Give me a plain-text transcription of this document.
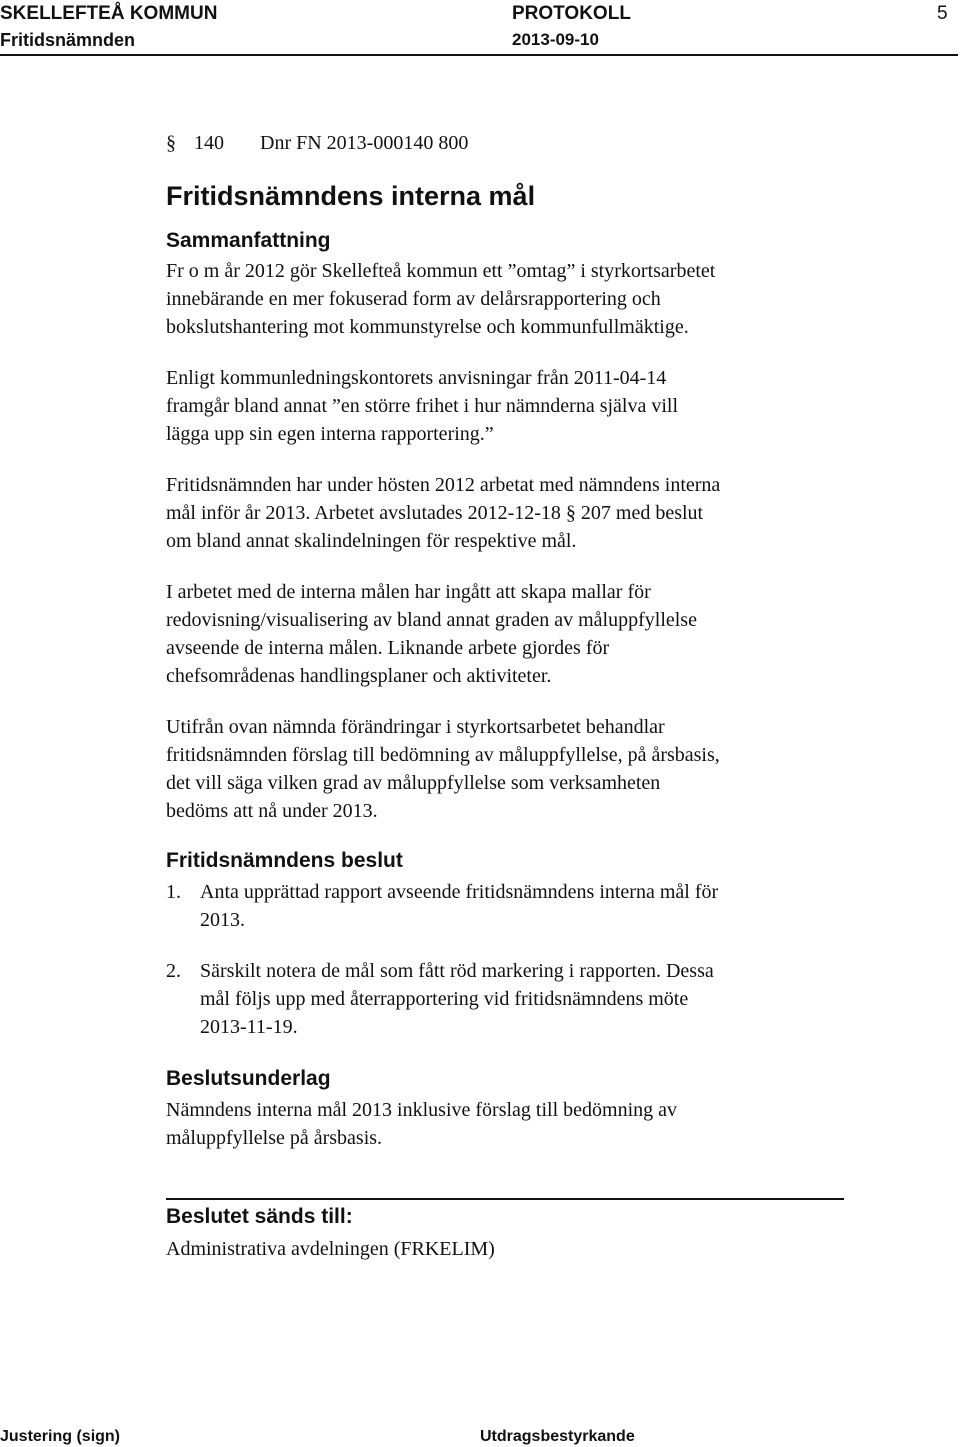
SKELLEFTEÅ KOMMUN	PROTOKOLL	5
Fritidsnämnden	2013-09-10
§ 140 Dnr FN 2013-000140 800
Fritidsnämndens interna mål
Sammanfattning

Fr o m år 2012 gör Skellefteå kommun ett ”omtag” i styrkortsarbetet

innebärande en mer fokuserad form av delårsrapportering och

bokslutshantering mot kommunstyrelse och kommunfullmäktige.

Enligt kommunledningskontorets anvisningar från 2011-04-14

framgår bland annat ”en större frihet i hur nämnderna själva vill

lägga upp sin egen interna rapportering.”

Fritidsnämnden har under hösten 2012 arbetat med nämndens interna

mål inför år 2013. Arbetet avslutades 2012-12-18 § 207 med beslut

om bland annat skalindelningen för respektive mål.

I arbetet med de interna målen har ingått att skapa mallar för

redovisning/visualisering av bland annat graden av måluppfyllelse

avseende de interna målen. Liknande arbete gjordes för

chefsområdenas handlingsplaner och aktiviteter.

Utifrån ovan nämnda förändringar i styrkortsarbetet behandlar

fritidsnämnden förslag till bedömning av måluppfyllelse, på årsbasis,

det vill säga vilken grad av måluppfyllelse som verksamheten

bedöms att nå under 2013.

Fritidsnämndens beslut
1. Anta upprättad rapport avseende fritidsnämndens interna mål för
2013.
2. Särskilt notera de mål som fått röd markering i rapporten. Dessa
mål följs upp med återrapportering vid fritidsnämndens möte
2013-11-19.
Beslutsunderlag

Nämndens interna mål 2013 inklusive förslag till bedömning av

måluppfyllelse på årsbasis.

Beslutet sänds till:

Administrativa avdelningen (FRKELIM)

Justering (sign)	Utdragsbestyrkande
